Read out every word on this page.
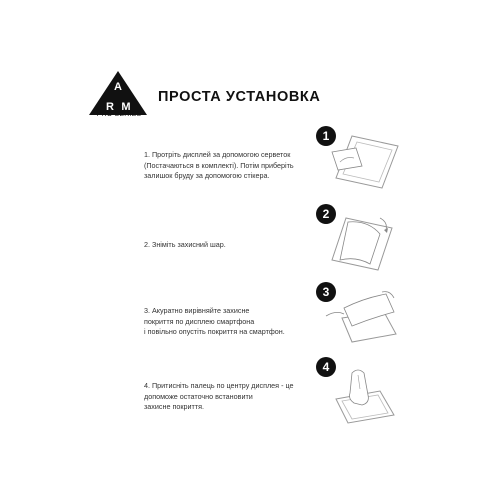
A
R M
PRO SERIES
ПРОСТА УСТАНОВКА
1. Протріть дисплей за допомогою серветок
(Постачаються в комплекті). Потім приберіть
залишок бруду за допомогою стікера.
1
2. Зніміть захисний шар.
2
3. Акуратно вирівняйте захисне
покриття по дисплею смартфона
і повільно опустіть покриття на смартфон.
3
4. Притисніть палець по центру дисплея - це
допоможе остаточно встановити
захисне покриття.
4
